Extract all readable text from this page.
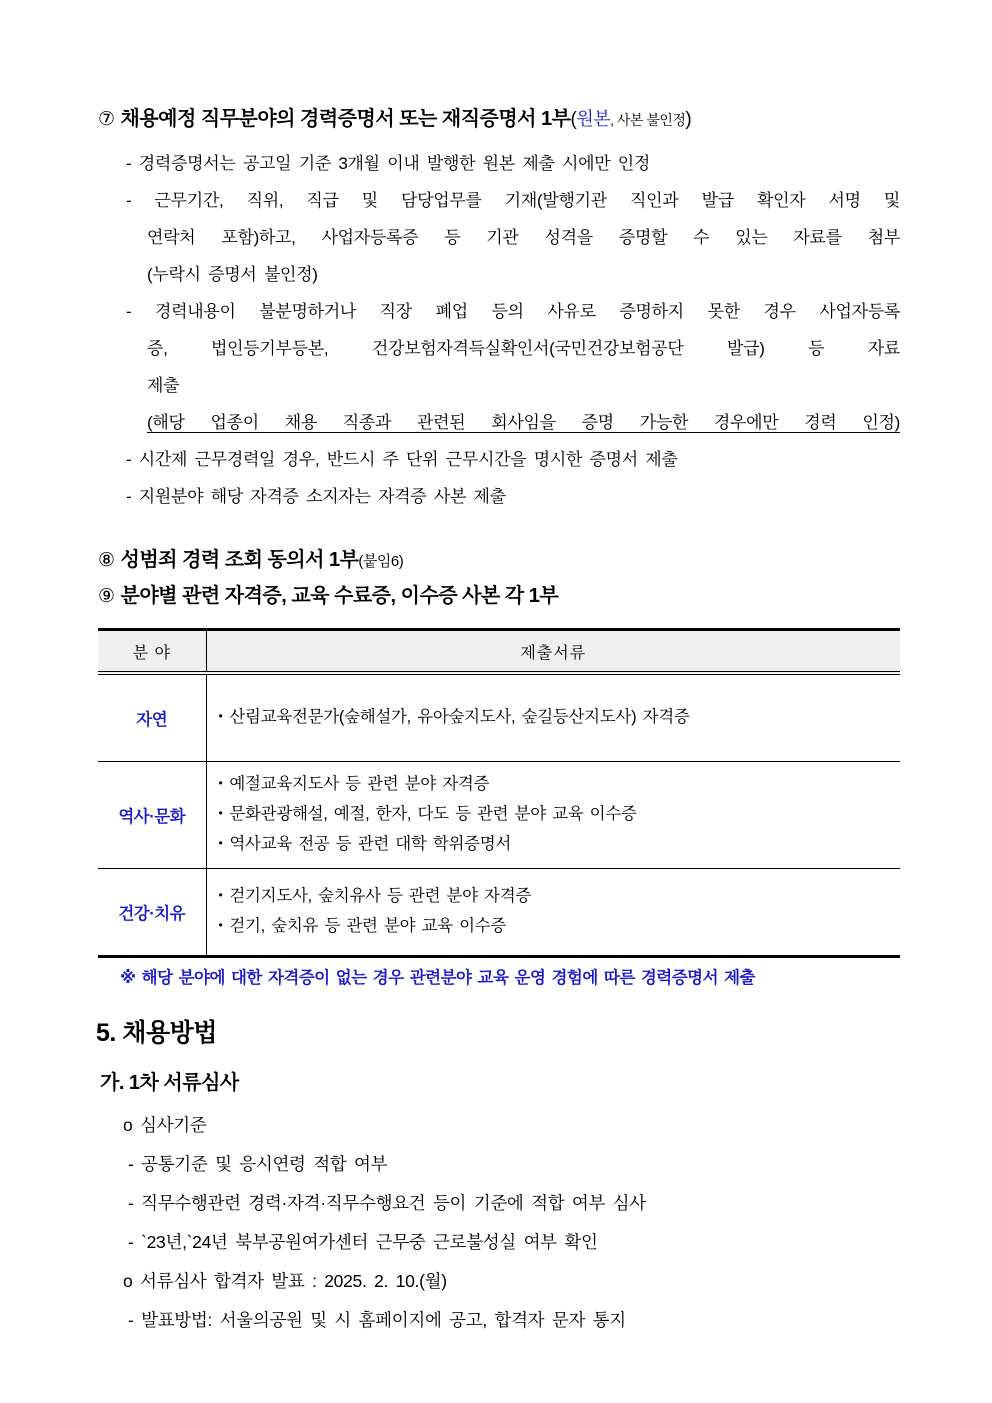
⑦ 채용예정 직무분야의 경력증명서 또는 재직증명서 1부(원본, 사본 불인정)
- 경력증명서는 공고일 기준 3개월 이내 발행한 원본 제출 시에만 인정
- 근무기간, 직위, 직급 및 담당업무를 기재(발행기관 직인과 발급 확인자 서명 및
연락처 포함)하고, 사업자등록증 등 기관 성격을 증명할 수 있는 자료를 첨부
(누락시 증명서 불인정)
- 경력내용이 불분명하거나 직장 폐업 등의 사유로 증명하지 못한 경우 사업자등록
증, 법인등기부등본, 건강보험자격득실확인서(국민건강보험공단 발급) 등 자료
제출
(해당 업종이 채용 직종과 관련된 회사임을 증명 가능한 경우에만 경력 인정)
- 시간제 근무경력일 경우, 반드시 주 단위 근무시간을 명시한 증명서 제출
- 지원분야 해당 자격증 소지자는 자격증 사본 제출
⑧ 성범죄 경력 조회 동의서 1부(붙임6)
⑨ 분야별 관련 자격증, 교육 수료증, 이수증 사본 각 1부
분 야	제출서류
자연	• 산림교육전문가(숲해설가, 유아숲지도사, 숲길등산지도사) 자격증

역사·문화	• 예절교육지도사 등 관련 분야 자격증
• 문화관광해설, 예절, 한자, 다도 등 관련 분야 교육 이수증
• 역사교육 전공 등 관련 대학 학위증명서

건강·치유	• 걷기지도사, 숲치유사 등 관련 분야 자격증
• 걷기, 숲치유 등 관련 분야 교육 이수증
※ 해당 분야에 대한 자격증이 없는 경우 관련분야 교육 운영 경험에 따른 경력증명서 제출
5. 채용방법
가. 1차 서류심사
o 심사기준
- 공통기준 및 응시연령 적합 여부
- 직무수행관련 경력·자격·직무수행요건 등이 기준에 적합 여부 심사
- `23년,`24년 북부공원여가센터 근무중 근로불성실 여부 확인
o 서류심사 합격자 발표 : 2025. 2. 10.(월)
- 발표방법: 서울의공원 및 시 홈페이지에 공고, 합격자 문자 통지
